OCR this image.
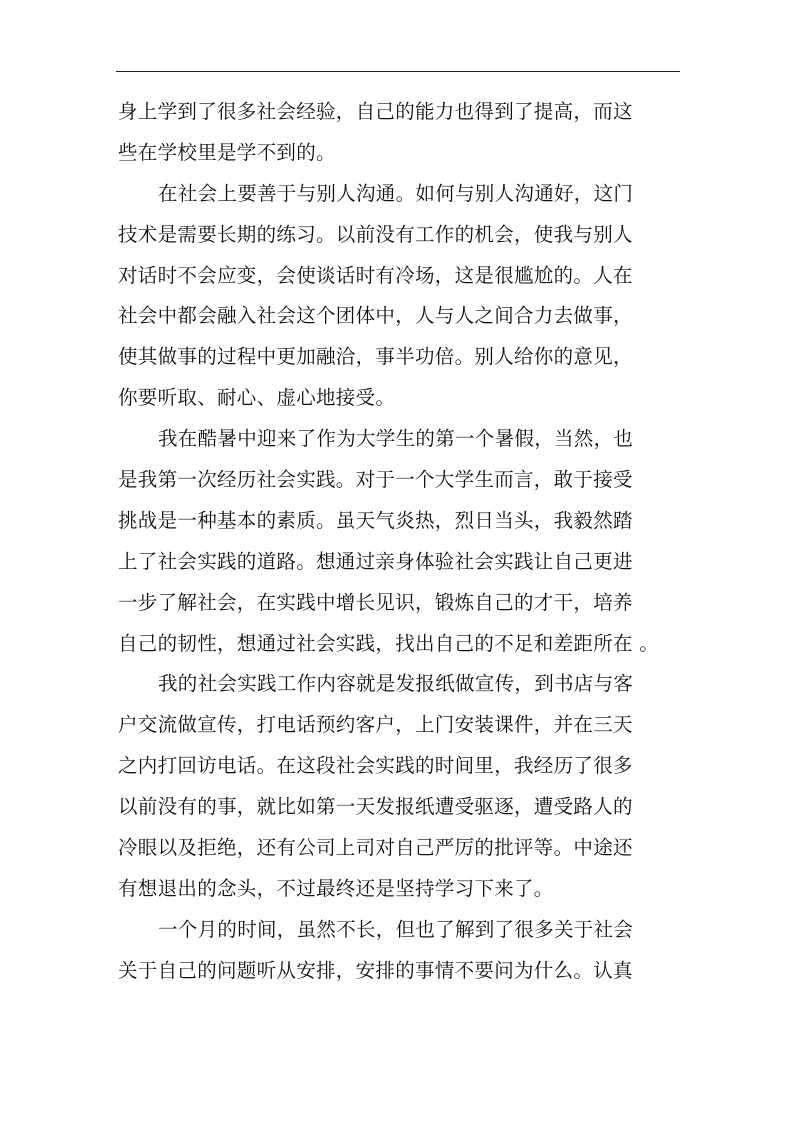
身上学到了很多社会经验，自己的能力也得到了提高，而这
些在学校里是学不到的。
在社会上要善于与别人沟通。如何与别人沟通好，这门
技术是需要长期的练习。以前没有工作的机会，使我与别人
对话时不会应变，会使谈话时有冷场，这是很尴尬的。人在
社会中都会融入社会这个团体中，人与人之间合力去做事，
使其做事的过程中更加融洽，事半功倍。别人给你的意见，
你要听取、耐心、虚心地接受。
我在酷暑中迎来了作为大学生的第一个暑假，当然，也
是我第一次经历社会实践。对于一个大学生而言，敢于接受
挑战是一种基本的素质。虽天气炎热，烈日当头，我毅然踏
上了社会实践的道路。想通过亲身体验社会实践让自己更进
一步了解社会，在实践中增长见识，锻炼自己的才干，培养
自己的韧性，想通过社会实践，找出自己的不足和差距所在 。
我的社会实践工作内容就是发报纸做宣传，到书店与客
户交流做宣传，打电话预约客户，上门安装课件，并在三天
之内打回访电话。在这段社会实践的时间里，我经历了很多
以前没有的事，就比如第一天发报纸遭受驱逐，遭受路人的
冷眼以及拒绝，还有公司上司对自己严厉的批评等。中途还
有想退出的念头，不过最终还是坚持学习下来了。
一个月的时间，虽然不长，但也了解到了很多关于社会
关于自己的问题听从安排，安排的事情不要问为什么。认真
